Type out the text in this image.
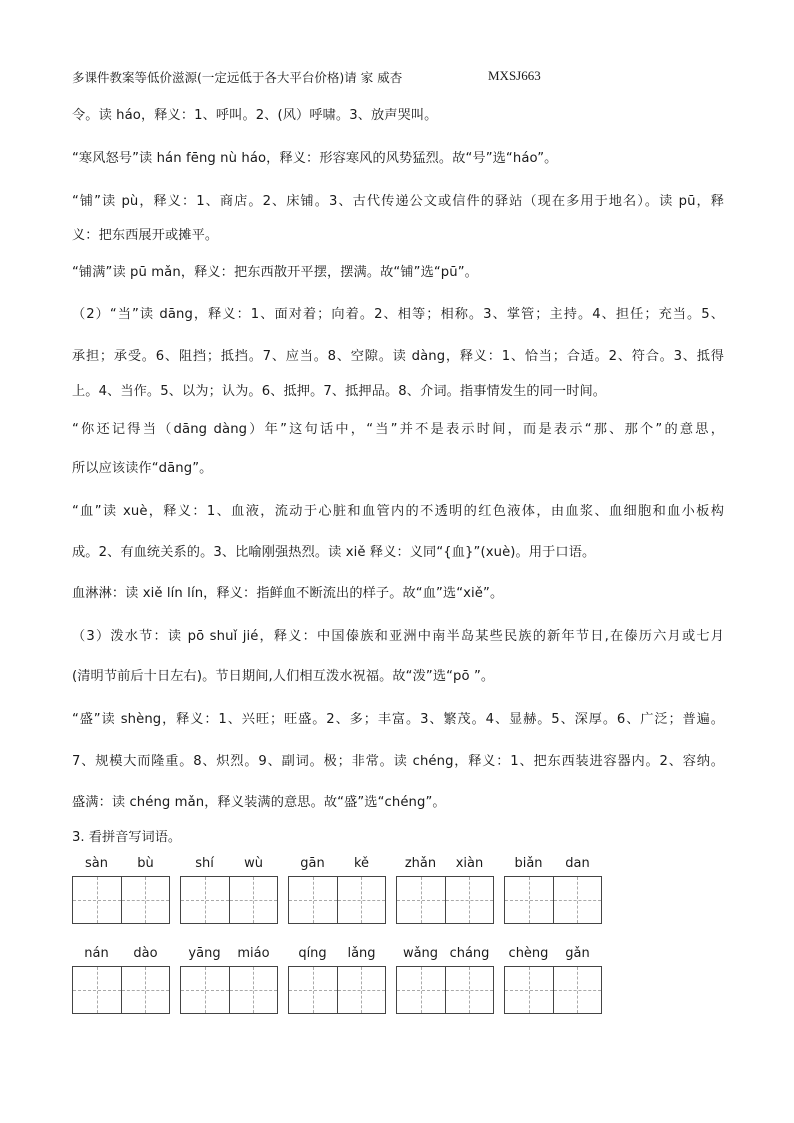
多课件教案等低价滋源(一定远低于各大平台价格)请 家 威杏	MXSJ663
令。读 háo，释义：1、呼叫。2、(风）呼啸。3、放声哭叫。
“寒风怒号”读 hán fēng nù háo，释义：形容寒风的风势猛烈。故“号”选“háo”。
“铺”读 pù，释义：1、商店。2、床铺。3、古代传递公文或信件的驿站（现在多用于地名）。读 pū，释
义：把东西展开或摊平。
“铺满”读 pū mǎn，释义：把东西散开平摆，摆满。故“铺”选“pū”。
（2）“当”读 dāng，释义：1、面对着；向着。2、相等；相称。3、掌管；主持。4、担任；充当。5、
承担；承受。6、阻挡；抵挡。7、应当。8、空隙。读 dàng，释义：1、恰当；合适。2、符合。3、抵得
上。4、当作。5、以为；认为。6、抵押。7、抵押品。8、介词。指事情发生的同一时间。
“你还记得当（dāng dàng）年”这句话中，“当”并不是表示时间，而是表示“那、那个”的意思，
所以应该读作“dāng”。
“血”读 xuè，释义：1、血液，流动于心脏和血管内的不透明的红色液体，由血浆、血细胞和血小板构
成。2、有血统关系的。3、比喻刚强热烈。读 xiě 释义：义同“{血}”(xuè)。用于口语。
血淋淋：读 xiě lín lín，释义：指鲜血不断流出的样子。故“血”选“xiě”。
（3）泼水节：读 pō shuǐ jié，释义：中国傣族和亚洲中南半岛某些民族的新年节日,在傣历六月或七月
(清明节前后十日左右)。节日期间,人们相互泼水祝福。故“泼”选“pō ”。
“盛”读 shèng，释义：1、兴旺；旺盛。2、多；丰富。3、繁茂。4、显赫。5、深厚。6、广泛；普遍。
7、规模大而隆重。8、炽烈。9、副词。极；非常。读 chéng，释义：1、把东西装进容器内。2、容纳。
盛满：读 chéng mǎn，释义装满的意思。故“盛”选“chéng”。
3. 看拼音写词语。
sàn	bù	shí	wù	gān	kě	zhǎn	xiàn	biǎn	dan
nán	dào	yāng	miáo	qíng	lǎng	wǎng cháng	chèng	gǎn
